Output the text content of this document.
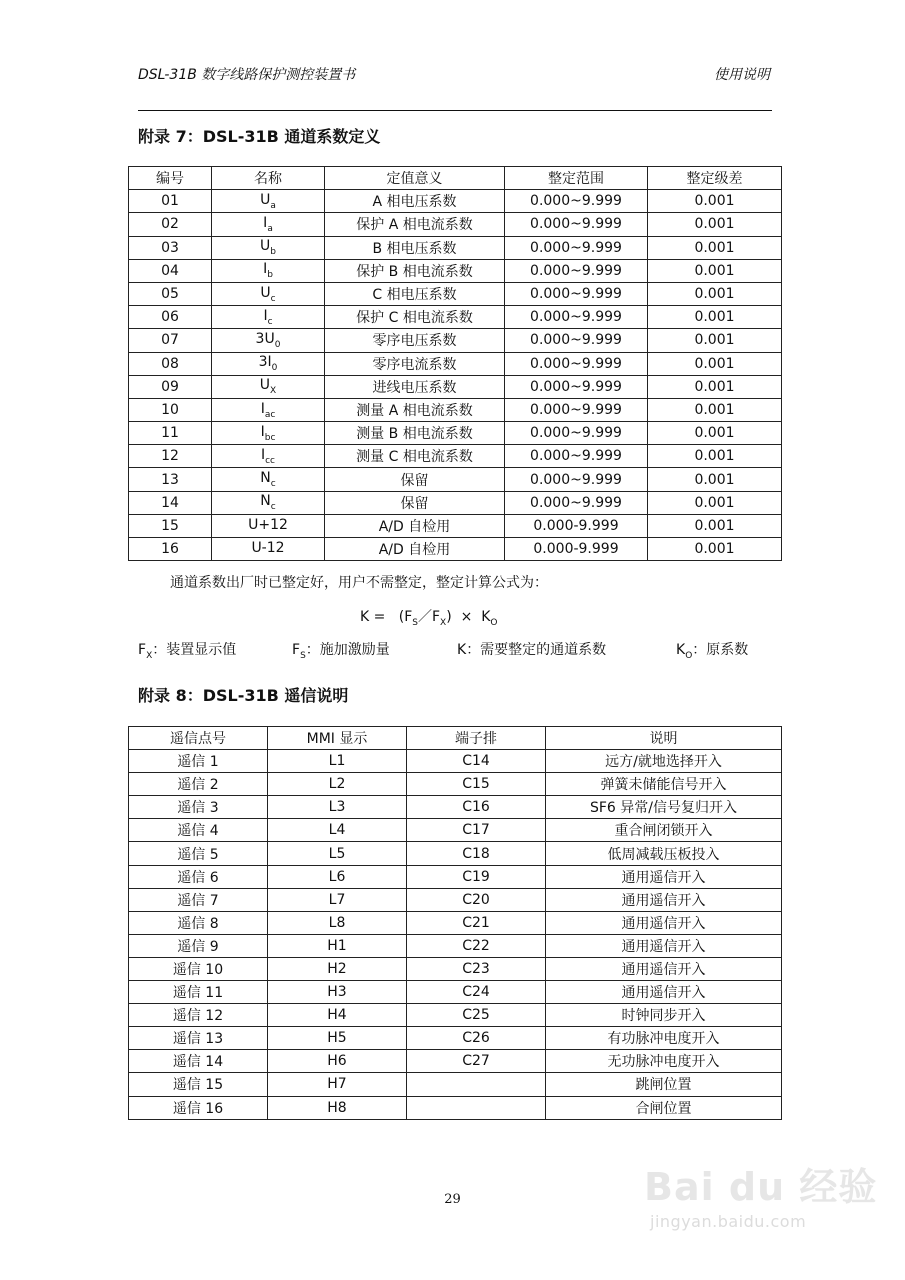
DSL-31B 数字线路保护测控装置书	使用说明
附录 7：DSL-31B 通道系数定义
编号	名称	定值意义	整定范围	整定级差
01	$U_a$	A 相电压系数	0.000~9.999	0.001
02	$I_a$	保护 A 相电流系数	0.000~9.999	0.001
03	$U_b$	B 相电压系数	0.000~9.999	0.001
04	$I_b$	保护 B 相电流系数	0.000~9.999	0.001
05	$U_c$	C 相电压系数	0.000~9.999	0.001
06	$I_c$	保护 C 相电流系数	0.000~9.999	0.001
07	$3U_0$	零序电压系数	0.000~9.999	0.001
08	$3I_0$	零序电流系数	0.000~9.999	0.001
09	$U_X$	进线电压系数	0.000~9.999	0.001
10	$I_{ac}$	测量 A 相电流系数	0.000~9.999	0.001
11	$I_{bc}$	测量 B 相电流系数	0.000~9.999	0.001
12	$I_{cc}$	测量 C 相电流系数	0.000~9.999	0.001
13	$N_c$	保留	0.000~9.999	0.001
14	$N_c$	保留	0.000~9.999	0.001
15	U+12	A/D 自检用	0.000-9.999	0.001
16	U-12	A/D 自检用	0.000-9.999	0.001
通道系数出厂时已整定好，用户不需整定，整定计算公式为：
$K = (F_S/F_X) \times K_O$
$F_X$：装置显示值	$F_S$：施加激励量	K：需要整定的通道系数	$K_O$：原系数
附录 8：DSL-31B 遥信说明
遥信点号	MMI 显示	端子排	说明
遥信 1	L1	C14	远方/就地选择开入
遥信 2	L2	C15	弹簧未储能信号开入
遥信 3	L3	C16	SF6 异常/信号复归开入
遥信 4	L4	C17	重合闸闭锁开入
遥信 5	L5	C18	低周减载压板投入
遥信 6	L6	C19	通用遥信开入
遥信 7	L7	C20	通用遥信开入
遥信 8	L8	C21	通用遥信开入
遥信 9	H1	C22	通用遥信开入
遥信 10	H2	C23	通用遥信开入
遥信 11	H3	C24	通用遥信开入
遥信 12	H4	C25	时钟同步开入
遥信 13	H5	C26	有功脉冲电度开入
遥信 14	H6	C27	无功脉冲电度开入
遥信 15	H7		跳闸位置
遥信 16	H8		合闸位置
29	Bai du 经验
jingyan.baidu.com
